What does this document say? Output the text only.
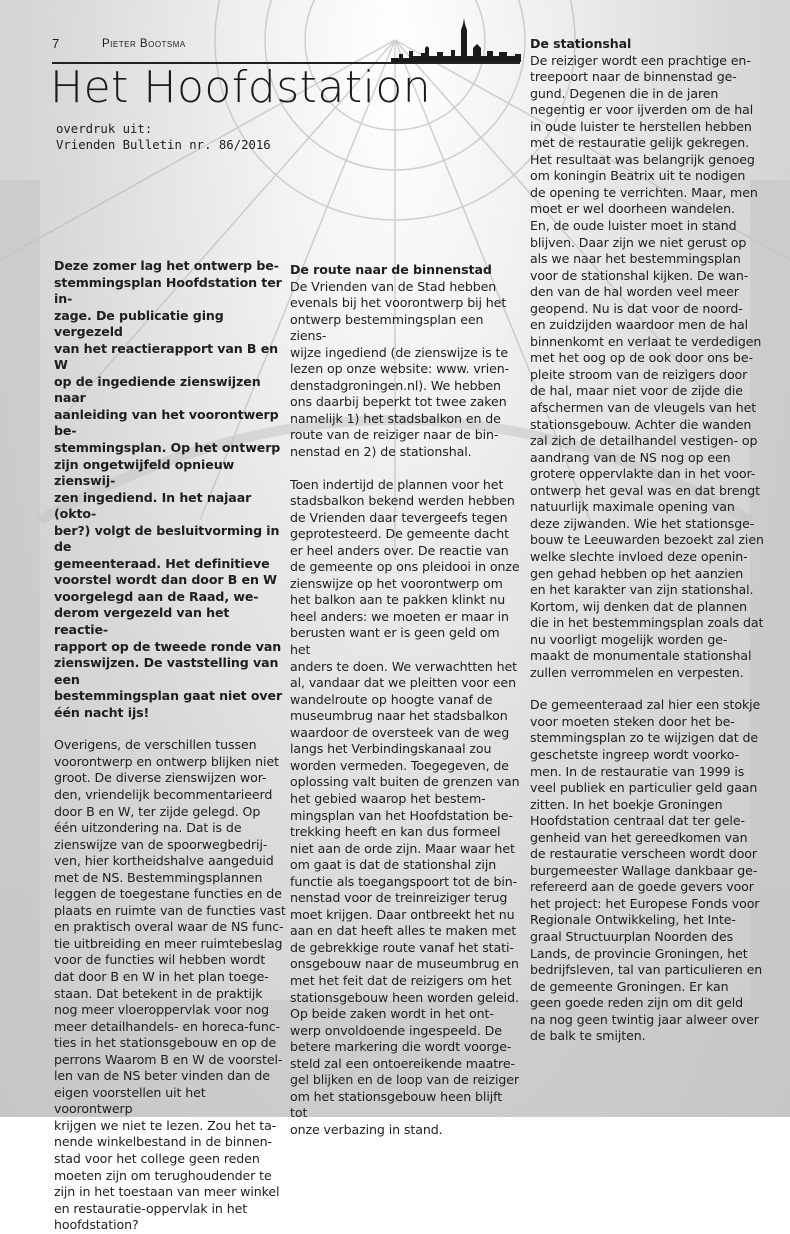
7	Pieter Bootsma
Het Hoofdstation
overdruk uit:
Vrienden Bulletin nr. 86/2016
Deze zomer lag het ontwerp be-
stemmingsplan Hoofdstation ter in-
zage. De publicatie ging vergezeld
van het reactierapport van B en W
op de ingediende zienswijzen naar
aanleiding van het voorontwerp be-
stemmingsplan. Op het ontwerp
zijn ongetwijfeld opnieuw zienswij-
zen ingediend. In het najaar (okto-
ber?) volgt de besluitvorming in de
gemeenteraad. Het definitieve
voorstel wordt dan door B en W
voorgelegd aan de Raad, we-
derom vergezeld van het reactie-
rapport op de tweede ronde van
zienswijzen. De vaststelling van een
bestemmingsplan gaat niet over
één nacht ijs!
Overigens, de verschillen tussen
voorontwerp en ontwerp blijken niet
groot. De diverse zienswijzen wor-
den, vriendelijk becommentarieerd
door B en W, ter zijde gelegd. Op
één uitzondering na. Dat is de
zienswijze van de spoorwegbedrij-
ven, hier kortheidshalve aangeduid
met de NS. Bestemmingsplannen
leggen de toegestane functies en de
plaats en ruimte van de functies vast
en praktisch overal waar de NS func-
tie uitbreiding en meer ruimtebeslag
voor de functies wil hebben wordt
dat door B en W in het plan toege-
staan. Dat betekent in de praktijk
nog meer vloeroppervlak voor nog
meer detailhandels- en horeca-func-
ties in het stationsgebouw en op de
perrons Waarom B en W de voorstel-
len van de NS beter vinden dan de
eigen voorstellen uit het voorontwerp
krijgen we niet te lezen. Zou het ta-
nende winkelbestand in de binnen-
stad voor het college geen reden
moeten zijn om terughoudender te
zijn in het toestaan van meer winkel
en restauratie-oppervlak in het
hoofdstation?
De route naar de binnenstad
De Vrienden van de Stad hebben
evenals bij het voorontwerp bij het
ontwerp bestemmingsplan een ziens-
wijze ingediend (de zienswijze is te
lezen op onze website: www. vrien-
denstadgroningen.nl). We hebben
ons daarbij beperkt tot twee zaken
namelijk 1) het stadsbalkon en de
route van de reiziger naar de bin-
nenstad en 2) de stationshal.
Toen indertijd de plannen voor het
stadsbalkon bekend werden hebben
de Vrienden daar tevergeefs tegen
geprotesteerd. De gemeente dacht
er heel anders over. De reactie van
de gemeente op ons pleidooi in onze
zienswijze op het voorontwerp om
het balkon aan te pakken klinkt nu
heel anders: we moeten er maar in
berusten want er is geen geld om het
anders te doen. We verwachtten het
al, vandaar dat we pleitten voor een
wandelroute op hoogte vanaf de
museumbrug naar het stadsbalkon
waardoor de oversteek van de weg
langs het Verbindingskanaal zou
worden vermeden. Toegegeven, de
oplossing valt buiten de grenzen van
het gebied waarop het bestem-
mingsplan van het Hoofdstation be-
trekking heeft en kan dus formeel
niet aan de orde zijn. Maar waar het
om gaat is dat de stationshal zijn
functie als toegangspoort tot de bin-
nenstad voor de treinreiziger terug
moet krijgen. Daar ontbreekt het nu
aan en dat heeft alles te maken met
de gebrekkige route vanaf het stati-
onsgebouw naar de museumbrug en
met het feit dat de reizigers om het
stationsgebouw heen worden geleid.
Op beide zaken wordt in het ont-
werp onvoldoende ingespeeld. De
betere markering die wordt voorge-
steld zal een ontoereikende maatre-
gel blijken en de loop van de reiziger
om het stationsgebouw heen blijft tot
onze verbazing in stand.
De stationshal
De reiziger wordt een prachtige en-
treepoort naar de binnenstad ge-
gund. Degenen die in de jaren
negentig er voor ijverden om de hal
in oude luister te herstellen hebben
met de restauratie gelijk gekregen.
Het resultaat was belangrijk genoeg
om koningin Beatrix uit te nodigen
de opening te verrichten. Maar, men
moet er wel doorheen wandelen.
En, de oude luister moet in stand
blijven. Daar zijn we niet gerust op
als we naar het bestemmingsplan
voor de stationshal kijken. De wan-
den van de hal worden veel meer
geopend. Nu is dat voor de noord-
en zuidzijden waardoor men de hal
binnenkomt en verlaat te verdedigen
met het oog op de ook door ons be-
pleite stroom van de reizigers door
de hal, maar niet voor de zijde die
afschermen van de vleugels van het
stationsgebouw. Achter die wanden
zal zich de detailhandel vestigen- op
aandrang van de NS nog op een
grotere oppervlakte dan in het voor-
ontwerp het geval was en dat brengt
natuurlijk maximale opening van
deze zijwanden. Wie het stationsge-
bouw te Leeuwarden bezoekt zal zien
welke slechte invloed deze openin-
gen gehad hebben op het aanzien
en het karakter van zijn stationshal.
Kortom, wij denken dat de plannen
die in het bestemmingsplan zoals dat
nu voorligt mogelijk worden ge-
maakt de monumentale stationshal
zullen verrommelen en verpesten.
De gemeenteraad zal hier een stokje
voor moeten steken door het be-
stemmingsplan zo te wijzigen dat de
geschetste ingreep wordt voorko-
men. In de restauratie van 1999 is
veel publiek en particulier geld gaan
zitten. In het boekje Groningen
Hoofdstation centraal dat ter gele-
genheid van het gereedkomen van
de restauratie verscheen wordt door
burgemeester Wallage dankbaar ge-
refereerd aan de goede gevers voor
het project: het Europese Fonds voor
Regionale Ontwikkeling, het Inte-
graal Structuurplan Noorden des
Lands, de provincie Groningen, het
bedrijfsleven, tal van particulieren en
de gemeente Groningen. Er kan
geen goede reden zijn om dit geld
na nog geen twintig jaar alweer over
de balk te smijten.
